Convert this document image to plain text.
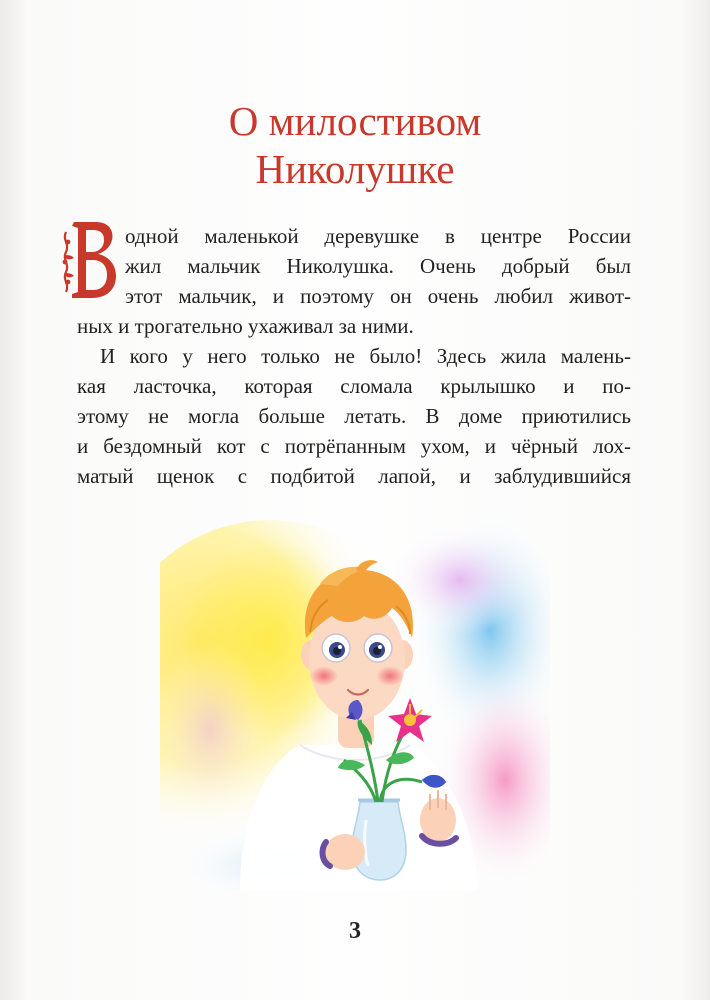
О милостивом
Николушке
одной маленькой деревушке в центре России
жил мальчик Николушка. Очень добрый был
этот мальчик, и поэтому он очень любил живот-
ных и трогательно ухаживал за ними.
И кого у него только не было! Здесь жила малень-
кая ласточка, которая сломала крылышко и по-
этому не могла больше летать. В доме приютились
и бездомный кот с потрёпанным ухом, и чёрный лох-
матый щенок с подбитой лапой, и заблудившийся
3
